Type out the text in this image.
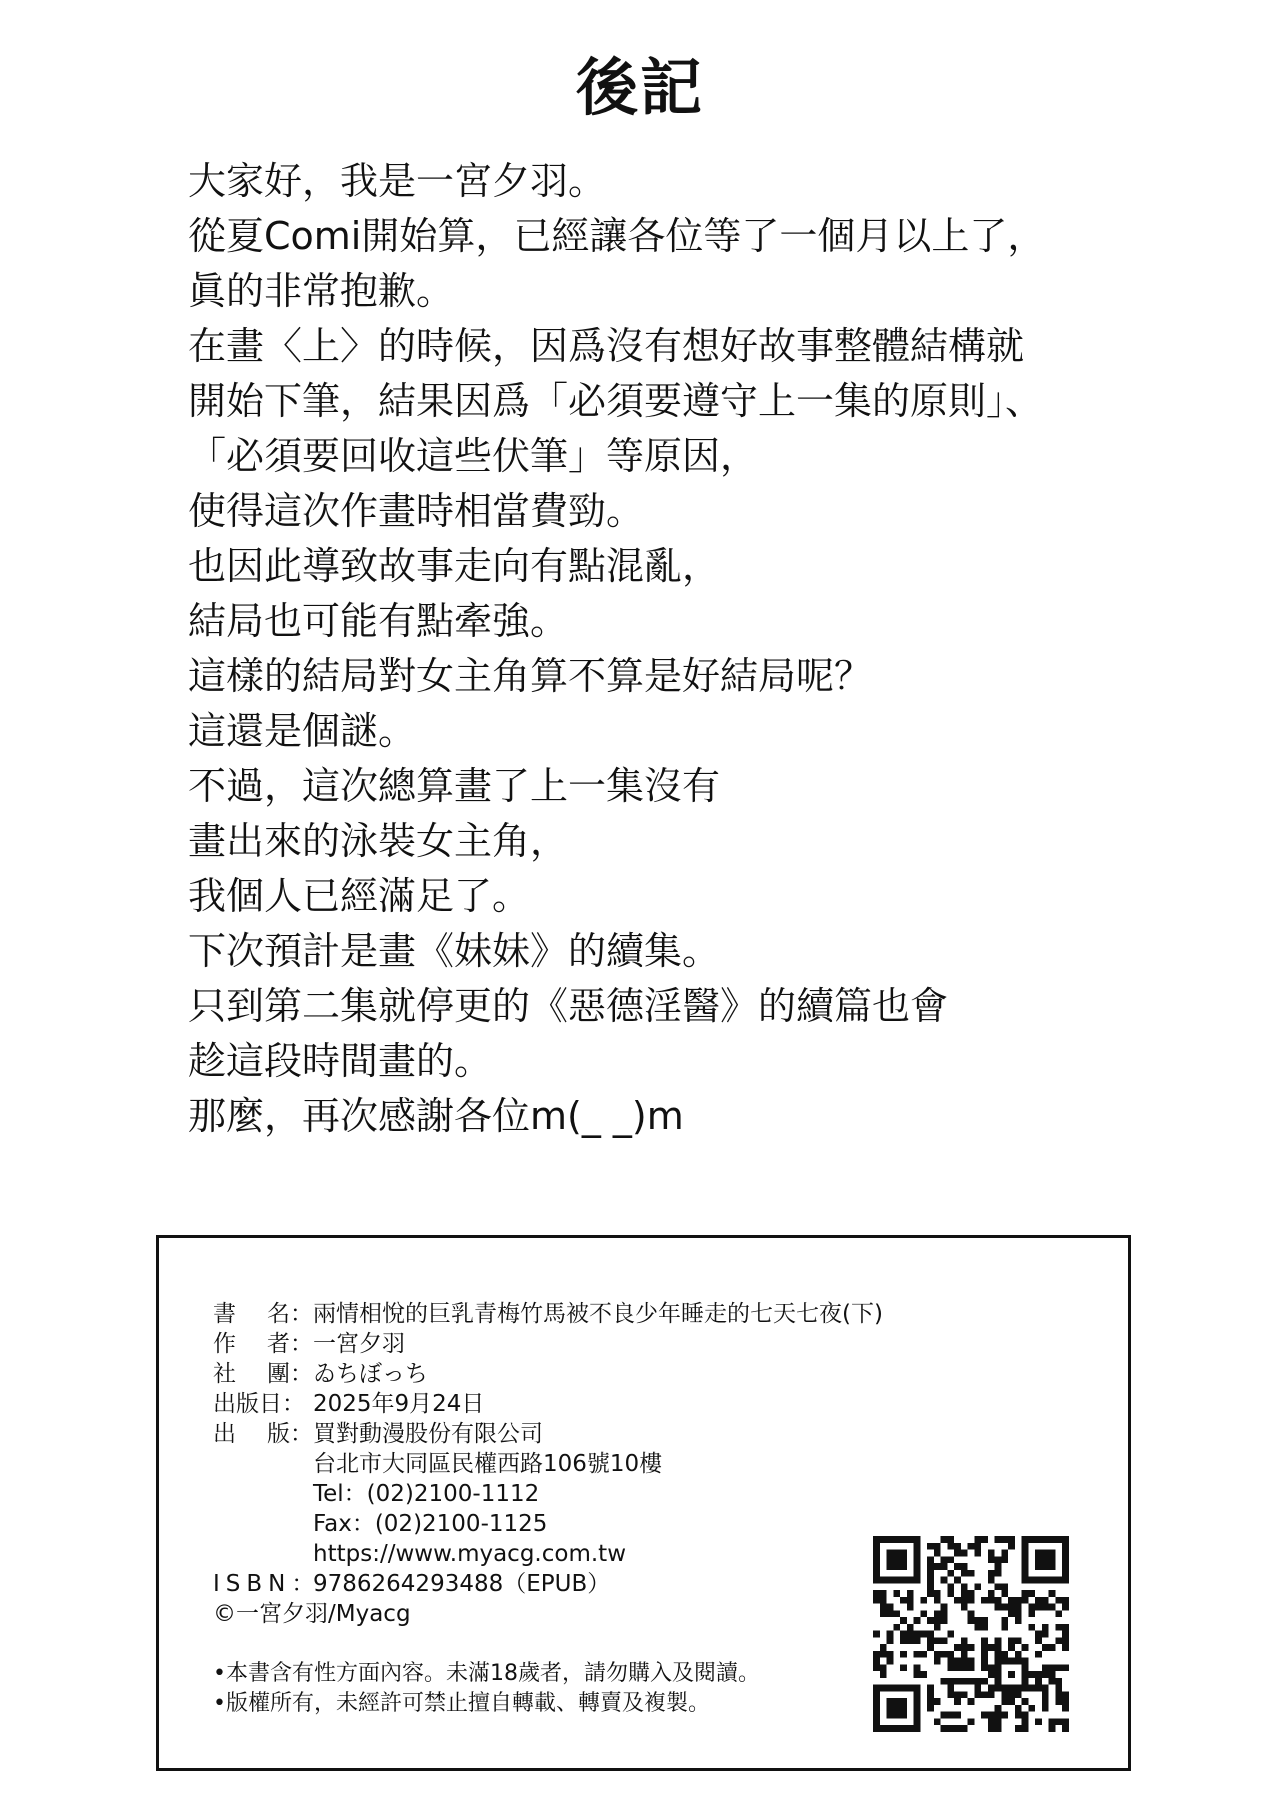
後記
大家好，我是一宮夕羽。
從夏Comi開始算，已經讓各位等了一個月以上了，
眞的非常抱歉。
在畫〈上〉的時候，因爲沒有想好故事整體結構就
開始下筆，結果因爲「必須要遵守上一集的原則」、
「必須要回收這些伏筆」等原因，
使得這次作畫時相當費勁。
也因此導致故事走向有點混亂，
結局也可能有點牽強。
這樣的結局對女主角算不算是好結局呢？
這還是個謎。
不過，這次總算畫了上一集沒有
畫出來的泳裝女主角，
我個人已經滿足了。
下次預計是畫《妹妹》的續集。
只到第二集就停更的《惡德淫醫》的續篇也會
趁這段時間畫的。
那麼，再次感謝各位m(_ _)m
書 名： 兩情相悅的巨乳青梅竹馬被不良少年睡走的七天七夜(下)
作 者： 一宮夕羽
社 團： ゐちぼっち
出版日： 2025年9月24日
出 版： 買對動漫股份有限公司
台北市大同區民權西路106號10樓
Tel：(02)2100-1112
Fax：(02)2100-1125
https://www.myacg.com.tw
ISBN：
9786264293488（EPUB）
©一宮夕羽/Myacg
•本書含有性方面內容。未滿18歲者，請勿購入及閱讀。
•版權所有，未經許可禁止擅自轉載、轉賣及複製。
